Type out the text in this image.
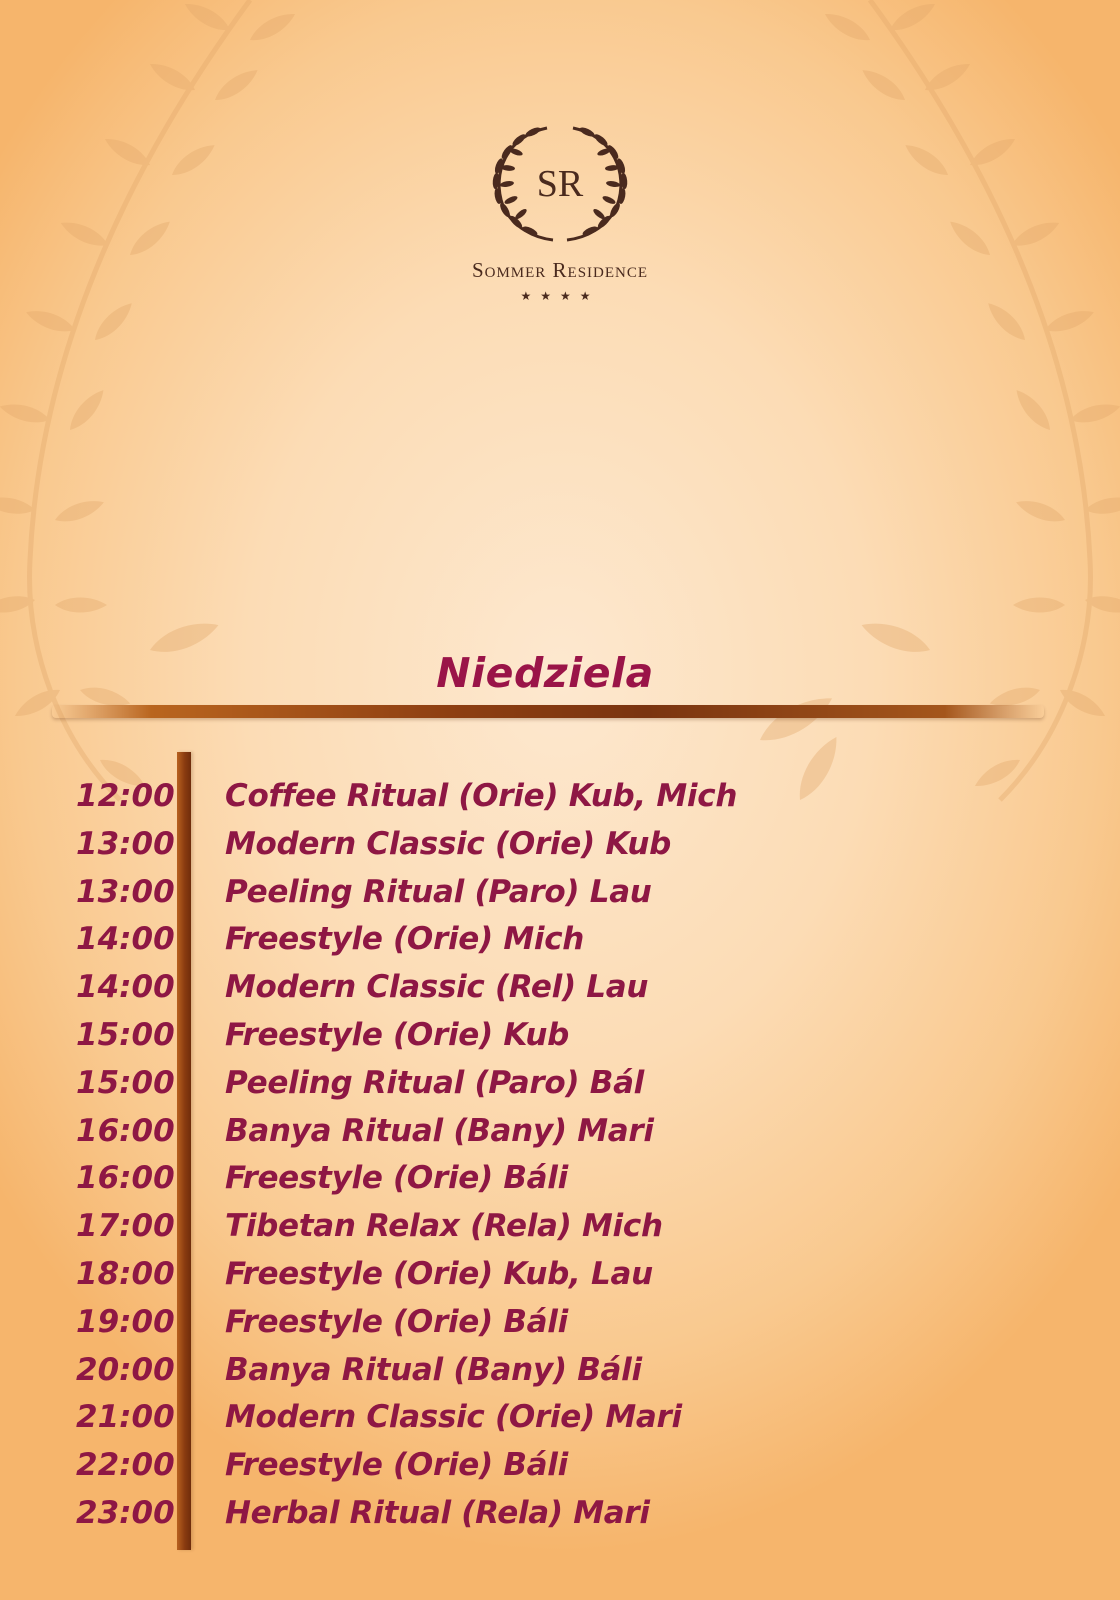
SR
Sommer Residence
★★★★
Niedziela
12:00 Coffee Ritual (Orie) Kub, Mich
13:00 Modern Classic (Orie) Kub
13:00 Peeling Ritual (Paro) Lau
14:00 Freestyle (Orie) Mich
14:00 Modern Classic (Rel) Lau
15:00 Freestyle (Orie) Kub
15:00 Peeling Ritual (Paro) Bál
16:00 Banya Ritual (Bany) Mari
16:00 Freestyle (Orie) Báli
17:00 Tibetan Relax (Rela) Mich
18:00 Freestyle (Orie) Kub, Lau
19:00 Freestyle (Orie) Báli
20:00 Banya Ritual (Bany) Báli
21:00 Modern Classic (Orie) Mari
22:00 Freestyle (Orie) Báli
23:00 Herbal Ritual (Rela) Mari
